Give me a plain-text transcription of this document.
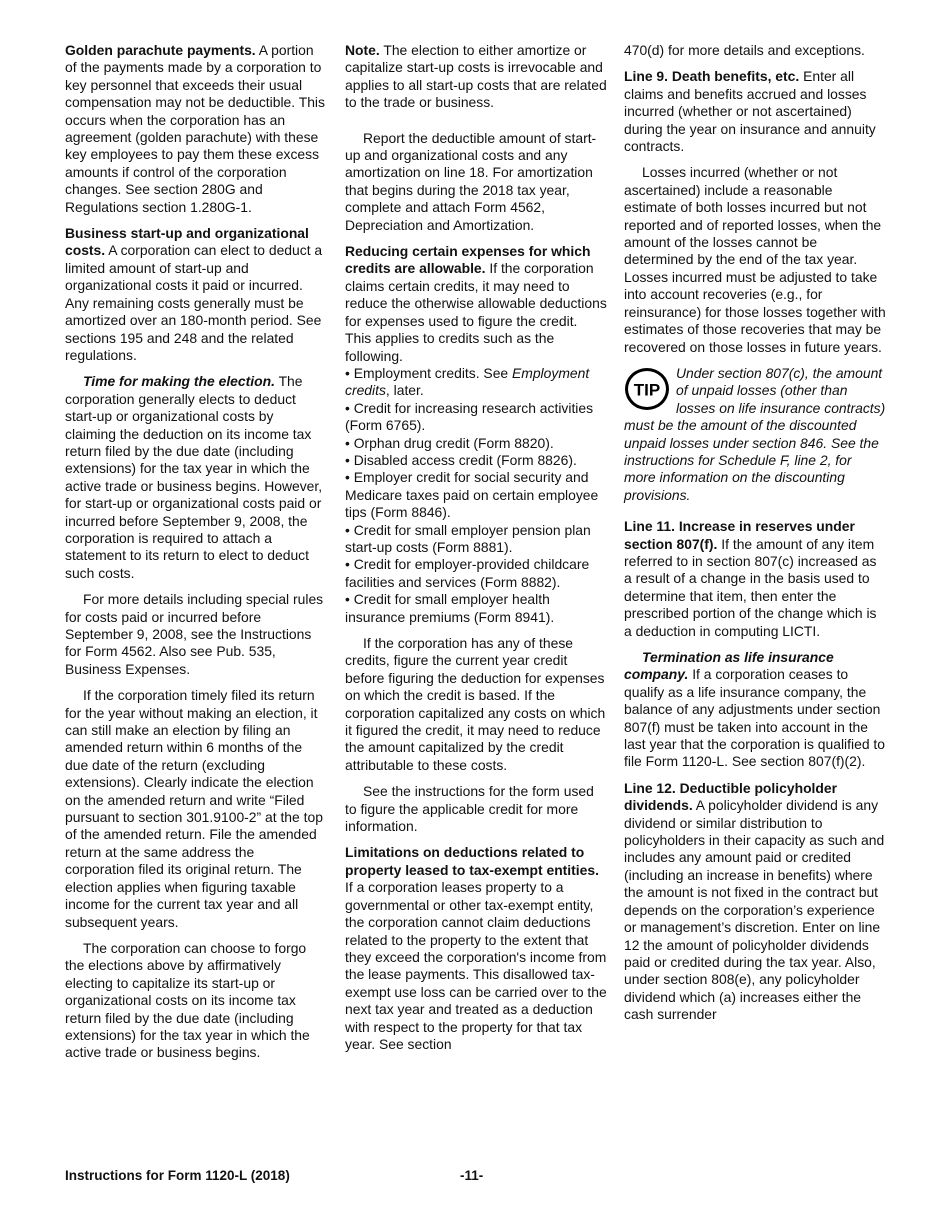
Golden parachute payments. A portion of the payments made by a corporation to key personnel that exceeds their usual compensation may not be deductible. This occurs when the corporation has an agreement (golden parachute) with these key employees to pay them these excess amounts if control of the corporation changes. See section 280G and Regulations section 1.280G-1.

Business start-up and organizational costs. A corporation can elect to deduct a limited amount of start-up and organizational costs it paid or incurred. Any remaining costs generally must be amortized over an 180-month period. See sections 195 and 248 and the related regulations.

Time for making the election. The corporation generally elects to deduct start-up or organizational costs by claiming the deduction on its income tax return filed by the due date (including extensions) for the tax year in which the active trade or business begins. However, for start-up or organizational costs paid or incurred before September 9, 2008, the corporation is required to attach a statement to its return to elect to deduct such costs.

For more details including special rules for costs paid or incurred before September 9, 2008, see the Instructions for Form 4562. Also see Pub. 535, Business Expenses.

If the corporation timely filed its return for the year without making an election, it can still make an election by filing an amended return within 6 months of the due date of the return (excluding extensions). Clearly indicate the election on the amended return and write “Filed pursuant to section 301.9100-2” at the top of the amended return. File the amended return at the same address the corporation filed its original return. The election applies when figuring taxable income for the current tax year and all subsequent years.

The corporation can choose to forgo the elections above by affirmatively electing to capitalize its start-up or organizational costs on its income tax return filed by the due date (including extensions) for the tax year in which the active trade or business begins.

Note. The election to either amortize or capitalize start-up costs is irrevocable and applies to all start-up costs that are related to the trade or business.

Report the deductible amount of start-up and organizational costs and any amortization on line 18. For amortization that begins during the 2018 tax year, complete and attach Form 4562, Depreciation and Amortization.

Reducing certain expenses for which credits are allowable. If the corporation claims certain credits, it may need to reduce the otherwise allowable deductions for expenses used to figure the credit. This applies to credits such as the following.

• Employment credits. See Employment credits, later.
• Credit for increasing research activities (Form 6765).
• Orphan drug credit (Form 8820).
• Disabled access credit (Form 8826).
• Employer credit for social security and Medicare taxes paid on certain employee tips (Form 8846).
• Credit for small employer pension plan start-up costs (Form 8881).
• Credit for employer-provided childcare facilities and services (Form 8882).
• Credit for small employer health insurance premiums (Form 8941).

If the corporation has any of these credits, figure the current year credit before figuring the deduction for expenses on which the credit is based. If the corporation capitalized any costs on which it figured the credit, it may need to reduce the amount capitalized by the credit attributable to these costs.

See the instructions for the form used to figure the applicable credit for more information.

Limitations on deductions related to property leased to tax-exempt entities. If a corporation leases property to a governmental or other tax-exempt entity, the corporation cannot claim deductions related to the property to the extent that they exceed the corporation's income from the lease payments. This disallowed tax-exempt use loss can be carried over to the next tax year and treated as a deduction with respect to the property for that tax year. See section

470(d) for more details and exceptions.

Line 9. Death benefits, etc. Enter all claims and benefits accrued and losses incurred (whether or not ascertained) during the year on insurance and annuity contracts.

Losses incurred (whether or not ascertained) include a reasonable estimate of both losses incurred but not reported and of reported losses, when the amount of the losses cannot be determined by the end of the tax year. Losses incurred must be adjusted to take into account recoveries (e.g., for reinsurance) for those losses together with estimates of those recoveries that may be recovered on those losses in future years.

TIP
Under section 807(c), the amount of unpaid losses (other than losses on life insurance contracts) must be the amount of the discounted unpaid losses under section 846. See the instructions for Schedule F, line 2, for more information on the discounting provisions.

Line 11. Increase in reserves under section 807(f). If the amount of any item referred to in section 807(c) increased as a result of a change in the basis used to determine that item, then enter the prescribed portion of the change which is a deduction in computing LICTI.

Termination as life insurance company. If a corporation ceases to qualify as a life insurance company, the balance of any adjustments under section 807(f) must be taken into account in the last year that the corporation is qualified to file Form 1120-L. See section 807(f)(2).

Line 12. Deductible policyholder dividends. A policyholder dividend is any dividend or similar distribution to policyholders in their capacity as such and includes any amount paid or credited (including an increase in benefits) where the amount is not fixed in the contract but depends on the corporation’s experience or management’s discretion. Enter on line 12 the amount of policyholder dividends paid or credited during the tax year. Also, under section 808(e), any policyholder dividend which (a) increases either the cash surrender

Instructions for Form 1120-L (2018)	-11-
